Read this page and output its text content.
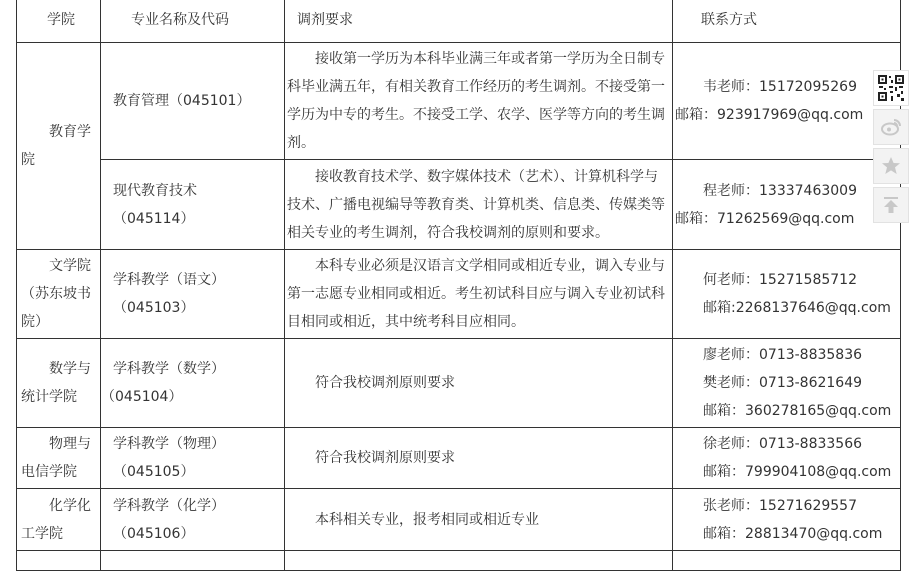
学院	专业名称及代码	调剂要求	联系方式

教育学
院	教育管理（045101）	接收第一学历为本科毕业满三年或者第一学历为全日制专
科毕业满五年，有相关教育工作经历的考生调剂。不接受第一
学历为中专的考生。不接受工学、农学、医学等方向的考生调
剂。	韦老师：15172095269
邮箱：923917969@qq.com

	现代教育技术
（045114）	接收教育技术学、数字媒体技术（艺术）、计算机科学与
技术、广播电视编导等教育类、计算机类、信息类、传媒类等
相关专业的考生调剂，符合我校调剂的原则和要求。	程老师：13337463009
邮箱：71262569@qq.com

文学院
（苏东坡书
院）	学科教学（语文）
（045103）	本科专业必须是汉语言文学相同或相近专业，调入专业与
第一志愿专业相同或相近。考生初试科目应与调入专业初试科
目相同或相近，其中统考科目应相同。	何老师：15271585712
邮箱:2268137646@qq.com

数学与
统计学院	学科教学（数学）
（045104）	符合我校调剂原则要求	廖老师：0713-8835836
樊老师：0713-8621649
邮箱：360278165@qq.com

物理与
电信学院	学科教学（物理）
（045105）	符合我校调剂原则要求	徐老师：0713-8833566
邮箱：799904108@qq.com

化学化
工学院	学科教学（化学）
（045106）	本科相关专业，报考相同或相近专业	张老师：15271629557
邮箱：28813470@qq.com
